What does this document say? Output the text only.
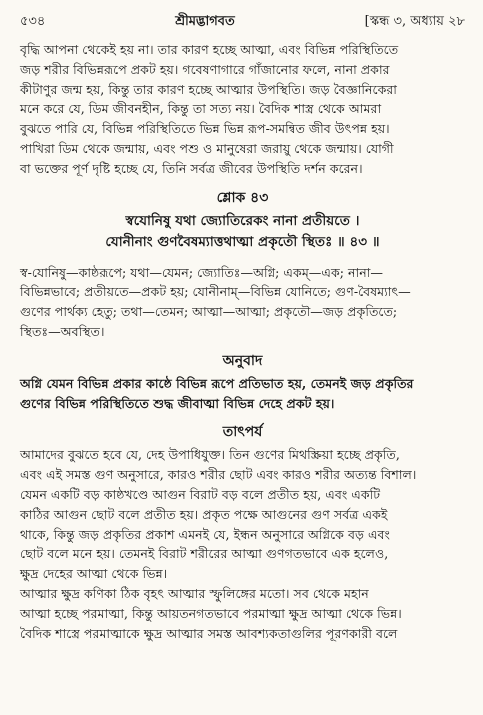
৫৩৪	শ্রীমদ্ভাগবত	[স্কন্ধ ৩, অধ্যায় ২৮

বৃদ্ধি আপনা থেকেই হয় না। তার কারণ হচ্ছে আত্মা, এবং বিভিন্ন পরিস্থিতিতে
জড় শরীর বিভিন্নরূপে প্রকট হয়। গবেষণাগারে গাঁজানোর ফলে, নানা প্রকার
কীটাণুর জন্ম হয়, কিন্তু তার কারণ হচ্ছে আত্মার উপস্থিতি। জড় বৈজ্ঞানিকেরা
মনে করে যে, ডিম জীবনহীন, কিন্তু তা সত্য নয়। বৈদিক শাস্ত্র থেকে আমরা
বুঝতে পারি যে, বিভিন্ন পরিস্থিতিতে ভিন্ন ভিন্ন রূপ-সমন্বিত জীব উৎপন্ন হয়।
পাখিরা ডিম থেকে জন্মায়, এবং পশু ও মানুষেরা জরায়ু থেকে জন্মায়। যোগী
বা ভক্তের পূর্ণ দৃষ্টি হচ্ছে যে, তিনি সর্বত্র জীবের উপস্থিতি দর্শন করেন।

শ্লোক ৪৩
স্বযোনিষু যথা জ্যোতিরেকং নানা প্রতীয়তে ।
যোনীনাং গুণবৈষম্যাত্তথাত্মা প্রকৃতৌ স্থিতঃ ॥ ৪৩ ॥

স্ব-যোনিষু—কাষ্ঠরূপে; যথা—যেমন; জ্যোতিঃ—অগ্নি; একম্—এক; নানা—
বিভিন্নভাবে; প্রতীয়তে—প্রকট হয়; যোনীনাম্—বিভিন্ন যোনিতে; গুণ-বৈষম্যাৎ—
গুণের পার্থক্য হেতু; তথা—তেমন; আত্মা—আত্মা; প্রকৃতৌ—জড় প্রকৃতিতে;
স্থিতঃ—অবস্থিত।

অনুবাদ

অগ্নি যেমন বিভিন্ন প্রকার কাষ্ঠে বিভিন্ন রূপে প্রতিভাত হয়, তেমনই জড় প্রকৃতির
গুণের বিভিন্ন পরিস্থিতিতে শুদ্ধ জীবাত্মা বিভিন্ন দেহে প্রকট হয়।

তাৎপর্য

আমাদের বুঝতে হবে যে, দেহ উপাধিযুক্ত। তিন গুণের মিথস্ক্রিয়া হচ্ছে প্রকৃতি,
এবং এই সমস্ত গুণ অনুসারে, কারও শরীর ছোট এবং কারও শরীর অত্যন্ত বিশাল।
যেমন একটি বড় কাষ্ঠখণ্ডে আগুন বিরাট বড় বলে প্রতীত হয়, এবং একটি
কাঠির আগুন ছোট বলে প্রতীত হয়। প্রকৃত পক্ষে আগুনের গুণ সর্বত্র একই
থাকে, কিন্তু জড় প্রকৃতির প্রকাশ এমনই যে, ইন্ধন অনুসারে অগ্নিকে বড় এবং
ছোট বলে মনে হয়। তেমনই বিরাট শরীরের আত্মা গুণগতভাবে এক হলেও,
ক্ষুদ্র দেহের আত্মা থেকে ভিন্ন।
আত্মার ক্ষুদ্র কণিকা ঠিক বৃহৎ আত্মার স্ফুলিঙ্গের মতো। সব থেকে মহান
আত্মা হচ্ছে পরমাত্মা, কিন্তু আয়তনগতভাবে পরমাত্মা ক্ষুদ্র আত্মা থেকে ভিন্ন।
বৈদিক শাস্ত্রে পরমাত্মাকে ক্ষুদ্র আত্মার সমস্ত আবশ্যকতাগুলির পূরণকারী বলে
